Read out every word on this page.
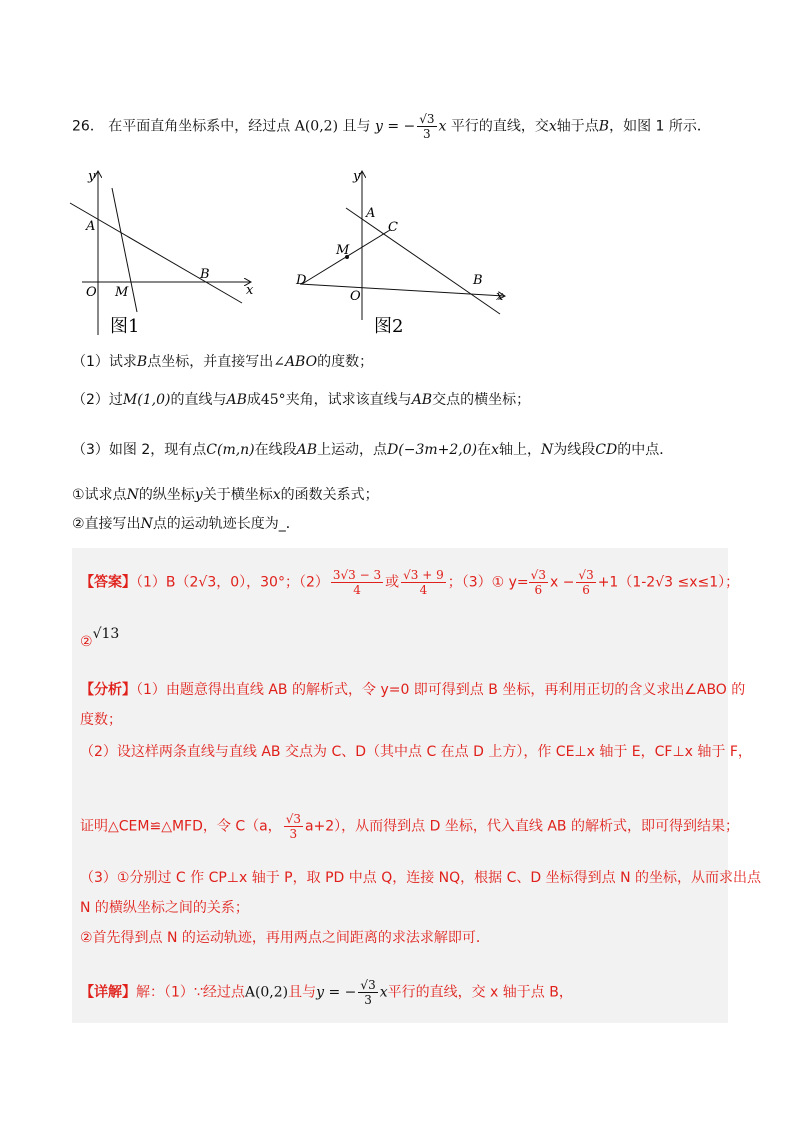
26． 在平面直角坐标系中，经过点 A(0,2) 且与 y = − $\frac{√3}{3}$ x 平行的直线，交x轴于点B，如图 1 所示．
y
x
A
O M
B
图1
y
x
A
C
M
D
O
B
图2
（1）试求B点坐标，并直接写出∠ABO的度数；
（2）过M(1,0)的直线与AB成45°夹角，试求该直线与AB交点的横坐标；
（3）如图 2，现有点C(m,n)在线段AB上运动，点D(−3m+2,0)在x轴上，N为线段CD的中点．
①试求点N的纵坐标y关于横坐标x的函数关系式；
②直接写出N点的运动轨迹长度为_．
【答案】（1）B（2√3，0），30°；$(2) \frac{3√3 - 3}{4}$ 或 $\frac{√3 + 9}{4}$ ；（3）① $y= \frac{√3}{6}$ $x - \frac{√3}{6} +1(1-2√3 \le x\le 1)$；
②√13
【分析】（1）由题意得出直线 AB 的解析式，令 y=0 即可得到点 B 坐标，再利用正切的含义求出∠ABO 的
度数；
（2）设这样两条直线与直线 AB 交点为 C、D（其中点 C 在点 D 上方），作 CE⊥x 轴于 E，CF⊥x 轴于 F，
证明△CEM≌△MFD，令 C（a， $\frac{√3}{3} a+2$），从而得到点 D 坐标，代入直线 AB 的解析式，即可得到结果；
（3）①分别过 C 作 CP⊥x 轴于 P，取 PD 中点 Q，连接 NQ，根据 C、D 坐标得到点 N 的坐标，从而求出点
N 的横纵坐标之间的关系；
②首先得到点 N 的运动轨迹，再用两点之间距离的求法求解即可．
【详解】解：（1）∵经过点A(0,2)且与y = − $\frac{√3}{3}$ x平行的直线，交 x 轴于点 B，
